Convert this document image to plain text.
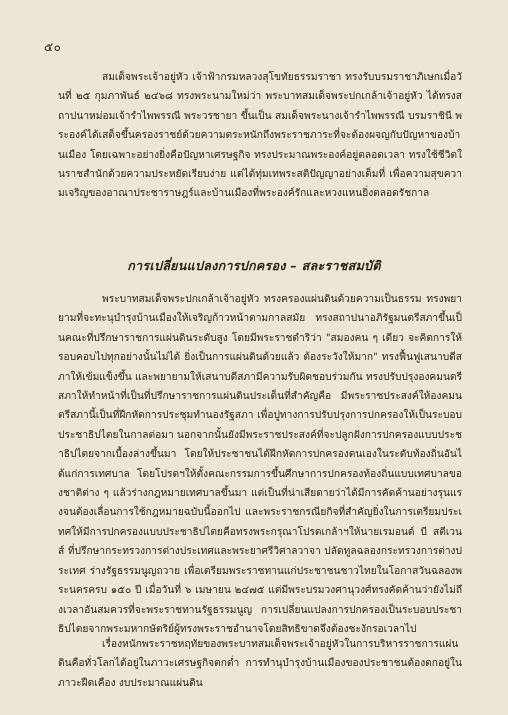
๕๐

สมเด็จพระเจ้าอยู่หัว เจ้าฟ้ากรมหลวงสุโขทัยธรรมราชา ทรงรับบรมราชาภิเษกเมื่อวันที่ ๒๕ กุมภาพันธ์ ๒๔๖๘ ทรงพระนามใหม่ว่า พระบาทสมเด็จพระปกเกล้าเจ้าอยู่หัว ได้ทรงสถาปนาหม่อมเจ้ารำไพพรรณี พระวรชายา ขึ้นเป็น สมเด็จพระนางเจ้ารำไพพรรณี บรมราชินี พระองค์ได้เสด็จขึ้นครองราชย์ด้วยความตระหนักถึงพระราชภาระที่จะต้องผจญกับปัญหาของบ้านเมือง โดยเฉพาะอย่างยิ่งคือปัญหาเศรษฐกิจ ทรงประมาณพระองค์อยู่ตลอดเวลา ทรงใช้ชีวิตในราชสำนักด้วยความประหยัดเรียบง่าย แต่ได้ทุ่มเทพระสติปัญญาอย่างเต็มที่ เพื่อความสุขความเจริญของอาณาประชาราษฎร์และบ้านเมืองที่พระองค์รักและหวงแหนยิ่งตลอดรัชกาล

การเปลี่ยนแปลงการปกครอง – สละราชสมบัติ

พระบาทสมเด็จพระปกเกล้าเจ้าอยู่หัว ทรงครองแผ่นดินด้วยความเป็นธรรม ทรงพยายามที่จะทะนุบำรุงบ้านเมืองให้เจริญก้าวหน้าตามกาลสมัย ทรงสถาปนาอภิรัฐมนตรีสภาขึ้นเป็นคณะที่ปรึกษาราชการแผ่นดินระดับสูง โดยมีพระราชดำริว่า "สมองคน ๆ เดียว จะคิดการให้รอบคอบไปทุกอย่างนั้นไม่ได้ ยิ่งเป็นการแผ่นดินด้วยแล้ว ต้องระวังให้มาก" ทรงฟื้นฟูเสนาบดีสภาให้เข้มแข็งขึ้น และพยายามให้เสนาบดีสภามีความรับผิดชอบร่วมกัน ทรงปรับปรุงองคมนตรีสภาให้ทำหน้าที่เป็นที่ปรึกษาราชการแผ่นดินประเด็นที่สำคัญคือ มีพระราชประสงค์ให้องคมนตรีสภานี้เป็นที่ฝึกหัดการประชุมทำนองรัฐสภา เพื่อปูทางการปรับปรุงการปกครองให้เป็นระบอบประชาธิปไตยในกาลต่อมา นอกจากนั้นยังมีพระราชประสงค์ที่จะปลูกฝังการปกครองแบบประชาธิปไตยจากเบื้องล่างขึ้นมา โดยให้ประชาชนได้ฝึกหัดการปกครองตนเองในระดับท้องถิ่นอันได้แก่การเทศบาล โดยโปรดฯให้ตั้งคณะกรรมการขึ้นศึกษาการปกครองท้องถิ่นแบบเทศบาลของชาติต่าง ๆ แล้วร่างกฎหมายเทศบาลขึ้นมา แต่เป็นที่น่าเสียดายว่าได้มีการคัดค้านอย่างรุนแรงจนต้องเลื่อนการใช้กฎหมายฉบับนี้ออกไป และพระราชกรณียกิจที่สำคัญยิ่งในการเตรียมประเทศให้มีการปกครองแบบประชาธิปไตยคือทรงพระกรุณาโปรดเกล้าฯให้นายเรมอนด์ บี สตีเวนส์ ที่ปรึกษากระทรวงการต่างประเทศและพระยาศรีวิศาลวาจา ปลัดทูลฉลองกระทรวงการต่างประเทศ ร่างรัฐธรรมนูญถวาย เพื่อเตรียมพระราชทานแก่ประชาชนชาวไทยในโอกาสวันฉลองพระนครครบ ๑๕๐ ปี เมื่อวันที่ ๖ เมษายน ๒๔๗๕ แต่มีพระบรมวงศานุวงศ์ทรงคัดค้านว่ายังไม่ถึงเวลาอันสมควรที่จะพระราชทานรัฐธรรมนูญ การเปลี่ยนแปลงการปกครองเป็นระบอบประชาธิปไตยจากพระมหากษัตริย์ผู้ทรงพระราชอำนาจโดยสิทธิขาดจึงต้องชะงักรอเวลาไป

เรื่องหนักพระราชหฤทัยของพระบาทสมเด็จพระเจ้าอยู่หัวในการบริหารราชการแผ่นดินคือทั่วโลกได้อยู่ในภาวะเศรษฐกิจตกต่ำ การทำนุบำรุงบ้านเมืองของประชาชนต้องตกอยู่ในภาวะฝืดเคือง งบประมาณแผ่นดิน
